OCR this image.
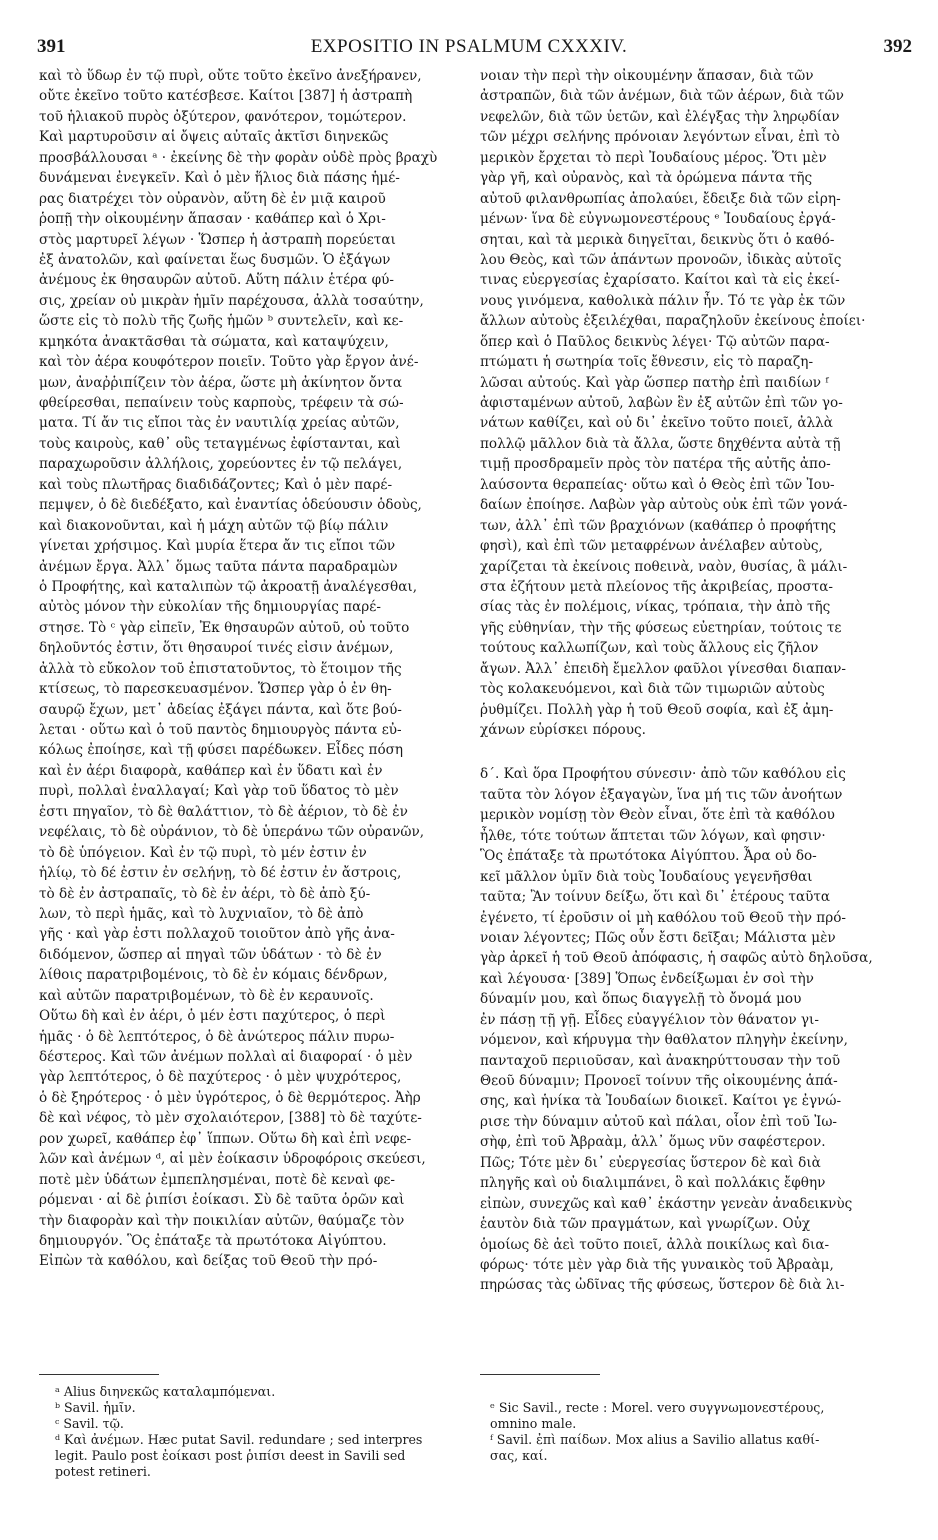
391	EXPOSITIO IN PSALMUM CXXXIV.	392
καὶ τὸ ὕδωρ ἐν τῷ πυρὶ, οὔτε τοῦτο ἐκεῖνο ἀνεξήρανεν,
οὔτε ἐκεῖνο τοῦτο κατέσβεσε. Καίτοι [387] ἡ ἀστραπὴ
τοῦ ἡλιακοῦ πυρὸς ὀξύτερον, φανότερον, τομώτερον.
Καὶ μαρτυροῦσιν αἱ ὄψεις αὐταῖς ἀκτῖσι διηνεκῶς
προσβάλλουσαι ᵃ · ἐκείνης δὲ τὴν φορὰν οὐδὲ πρὸς βραχὺ
δυνάμεναι ἐνεγκεῖν. Καὶ ὁ μὲν ἥλιος διὰ πάσης ἡμέ-
ρας διατρέχει τὸν οὐρανὸν, αὕτη δὲ ἐν μιᾷ καιροῦ
ῥοπῇ τὴν οἰκουμένην ἅπασαν · καθάπερ καὶ ὁ Χρι-
στὸς μαρτυρεῖ λέγων · Ὥσπερ ἡ ἀστραπὴ πορεύεται
ἐξ ἀνατολῶν, καὶ φαίνεται ἕως δυσμῶν. Ὁ ἐξάγων
ἀνέμους ἐκ θησαυρῶν αὐτοῦ. Αὕτη πάλιν ἑτέρα φύ-
σις, χρείαν οὐ μικρὰν ἡμῖν παρέχουσα, ἀλλὰ τοσαύτην,
ὥστε εἰς τὸ πολὺ τῆς ζωῆς ἡμῶν ᵇ συντελεῖν, καὶ κε-
κμηκότα ἀνακτᾶσθαι τὰ σώματα, καὶ καταψύχειν,
καὶ τὸν ἀέρα κουφότερον ποιεῖν. Τοῦτο γὰρ ἔργον ἀνέ-
μων, ἀναῤῥιπίζειν τὸν ἀέρα, ὥστε μὴ ἀκίνητον ὄντα
φθείρεσθαι, πεπαίνειν τοὺς καρποὺς, τρέφειν τὰ σώ-
ματα. Τί ἄν τις εἴποι τὰς ἐν ναυτιλίᾳ χρείας αὐτῶν,
τοὺς καιροὺς, καθ᾽ οὓς τεταγμένως ἐφίστανται, καὶ
παραχωροῦσιν ἀλλήλοις, χορεύοντες ἐν τῷ πελάγει,
καὶ τοὺς πλωτῆρας διαδιδάζοντες; Καὶ ὁ μὲν παρέ-
πεμψεν, ὁ δὲ διεδέξατο, καὶ ἐναντίας ὁδεύουσιν ὁδοὺς,
καὶ διακονοῦνται, καὶ ἡ μάχη αὐτῶν τῷ βίῳ πάλιν
γίνεται χρήσιμος. Καὶ μυρία ἕτερα ἄν τις εἴποι τῶν
ἀνέμων ἔργα. Ἀλλ᾽ ὅμως ταῦτα πάντα παραδραμὼν
ὁ Προφήτης, καὶ καταλιπὼν τῷ ἀκροατῇ ἀναλέγεσθαι,
αὐτὸς μόνον τὴν εὐκολίαν τῆς δημιουργίας παρέ-
στησε. Τὸ ᶜ γὰρ εἰπεῖν, Ἐκ θησαυρῶν αὐτοῦ, οὐ τοῦτο
δηλοῦντός ἐστιν, ὅτι θησαυροί τινές εἰσιν ἀνέμων,
ἀλλὰ τὸ εὔκολον τοῦ ἐπιστατοῦντος, τὸ ἕτοιμον τῆς
κτίσεως, τὸ παρεσκευασμένον. Ὥσπερ γὰρ ὁ ἐν θη-
σαυρῷ ἔχων, μετ᾽ ἀδείας ἐξάγει πάντα, καὶ ὅτε βού-
λεται · οὕτω καὶ ὁ τοῦ παντὸς δημιουργὸς πάντα εὐ-
κόλως ἐποίησε, καὶ τῇ φύσει παρέδωκεν. Εἶδες πόση
καὶ ἐν ἀέρι διαφορὰ, καθάπερ καὶ ἐν ὕδατι καὶ ἐν
πυρὶ, πολλαὶ ἐναλλαγαί; Καὶ γὰρ τοῦ ὕδατος τὸ μὲν
ἐστι πηγαῖον, τὸ δὲ θαλάττιον, τὸ δὲ ἀέριον, τὸ δὲ ἐν
νεφέλαις, τὸ δὲ οὐράνιον, τὸ δὲ ὑπεράνω τῶν οὐρανῶν,
τὸ δὲ ὑπόγειον. Καὶ ἐν τῷ πυρὶ, τὸ μέν ἐστιν ἐν
ἡλίῳ, τὸ δέ ἐστιν ἐν σελήνῃ, τὸ δέ ἐστιν ἐν ἄστροις,
τὸ δὲ ἐν ἀστραπαῖς, τὸ δὲ ἐν ἀέρι, τὸ δὲ ἀπὸ ξύ-
λων, τὸ περὶ ἡμᾶς, καὶ τὸ λυχνιαῖον, τὸ δὲ ἀπὸ
γῆς · καὶ γὰρ ἐστι πολλαχοῦ τοιοῦτον ἀπὸ γῆς ἀνα-
διδόμενον, ὥσπερ αἱ πηγαὶ τῶν ὑδάτων · τὸ δὲ ἐν
λίθοις παρατριβομένοις, τὸ δὲ ἐν κόμαις δένδρων,
καὶ αὐτῶν παρατριβομένων, τὸ δὲ ἐν κεραυνοῖς.
Οὕτω δὴ καὶ ἐν ἀέρι, ὁ μέν ἐστι παχύτερος, ὁ περὶ
ἡμᾶς · ὁ δὲ λεπτότερος, ὁ δὲ ἀνώτερος πάλιν πυρω-
δέστερος. Καὶ τῶν ἀνέμων πολλαὶ αἱ διαφοραί · ὁ μὲν
γὰρ λεπτότερος, ὁ δὲ παχύτερος · ὁ μὲν ψυχρότερος,
ὁ δὲ ξηρότερος · ὁ μὲν ὑγρότερος, ὁ δὲ θερμότερος. Ἀὴρ
δὲ καὶ νέφος, τὸ μὲν σχολαιότερον, [388] τὸ δὲ ταχύτε-
ρον χωρεῖ, καθάπερ ἐφ᾽ ἵππων. Οὕτω δὴ καὶ ἐπὶ νεφε-
λῶν καὶ ἀνέμων ᵈ, αἱ μὲν ἐοίκασιν ὑδροφόροις σκεύεσι,
ποτὲ μὲν ὑδάτων ἐμπεπλησμέναι, ποτὲ δὲ κεναὶ φε-
ρόμεναι · αἱ δὲ ῥιπίσι ἐοίκασι. Σὺ δὲ ταῦτα ὁρῶν καὶ
τὴν διαφορὰν καὶ τὴν ποικιλίαν αὐτῶν, θαύμαζε τὸν
δημιουργόν. Ὃς ἐπάταξε τὰ πρωτότοκα Αἰγύπτου.
Εἰπὼν τὰ καθόλου, καὶ δείξας τοῦ Θεοῦ τὴν πρό-
νοιαν τὴν περὶ τὴν οἰκουμένην ἅπασαν, διὰ τῶν
ἀστραπῶν, διὰ τῶν ἀνέμων, διὰ τῶν ἀέρων, διὰ τῶν
νεφελῶν, διὰ τῶν ὑετῶν, καὶ ἐλέγξας τὴν ληρῳδίαν
τῶν μέχρι σελήνης πρόνοιαν λεγόντων εἶναι, ἐπὶ τὸ
μερικὸν ἔρχεται τὸ περὶ Ἰουδαίους μέρος. Ὅτι μὲν
γὰρ γῆ, καὶ οὐρανὸς, καὶ τὰ ὁρώμενα πάντα τῆς
αὐτοῦ φιλανθρωπίας ἀπολαύει, ἔδειξε διὰ τῶν εἰρη-
μένων· ἵνα δὲ εὐγνωμονεστέρους ᵉ Ἰουδαίους ἐργά-
σηται, καὶ τὰ μερικὰ διηγεῖται, δεικνὺς ὅτι ὁ καθό-
λου Θεὸς, καὶ τῶν ἁπάντων προνοῶν, ἰδικὰς αὐτοῖς
τινας εὐεργεσίας ἐχαρίσατο. Καίτοι καὶ τὰ εἰς ἐκεί-
νους γινόμενα, καθολικὰ πάλιν ἦν. Τό τε γὰρ ἐκ τῶν
ἄλλων αὐτοὺς ἐξειλέχθαι, παραζηλοῦν ἐκείνους ἐποίει·
ὅπερ καὶ ὁ Παῦλος δεικνὺς λέγει· Τῷ αὐτῶν παρα-
πτώματι ἡ σωτηρία τοῖς ἔθνεσιν, εἰς τὸ παραζη-
λῶσαι αὐτούς. Καὶ γὰρ ὥσπερ πατὴρ ἐπὶ παιδίων ᶠ
ἀφισταμένων αὐτοῦ, λαβὼν ἓν ἐξ αὐτῶν ἐπὶ τῶν γο-
νάτων καθίζει, καὶ οὐ δι᾽ ἐκεῖνο τοῦτο ποιεῖ, ἀλλὰ
πολλῷ μᾶλλον διὰ τὰ ἄλλα, ὥστε δηχθέντα αὐτὰ τῇ
τιμῇ προσδραμεῖν πρὸς τὸν πατέρα τῆς αὐτῆς ἀπο-
λαύσοντα θεραπείας· οὕτω καὶ ὁ Θεὸς ἐπὶ τῶν Ἰου-
δαίων ἐποίησε. Λαβὼν γὰρ αὐτοὺς οὐκ ἐπὶ τῶν γονά-
των, ἀλλ᾽ ἐπὶ τῶν βραχιόνων (καθάπερ ὁ προφήτης
φησὶ), καὶ ἐπὶ τῶν μεταφρένων ἀνέλαβεν αὐτοὺς,
χαρίζεται τὰ ἐκείνοις ποθεινὰ, ναὸν, θυσίας, ἃ μάλι-
στα ἐζήτουν μετὰ πλείονος τῆς ἀκριβείας, προστα-
σίας τὰς ἐν πολέμοις, νίκας, τρόπαια, τὴν ἀπὸ τῆς
γῆς εὐθηνίαν, τὴν τῆς φύσεως εὐετηρίαν, τούτοις τε
τούτους καλλωπίζων, καὶ τοὺς ἄλλους εἰς ζῆλον
ἄγων. Ἀλλ᾽ ἐπειδὴ ἔμελλον φαῦλοι γίνεσθαι διαπαν-
τὸς κολακευόμενοι, καὶ διὰ τῶν τιμωριῶν αὐτοὺς
ῥυθμίζει. Πολλὴ γὰρ ἡ τοῦ Θεοῦ σοφία, καὶ ἐξ ἀμη-
χάνων εὑρίσκει πόρους.
δ´. Καὶ ὅρα Προφήτου σύνεσιν· ἀπὸ τῶν καθόλου εἰς
ταῦτα τὸν λόγον ἐξαγαγὼν, ἵνα μή τις τῶν ἀνοήτων
μερικὸν νομίσῃ τὸν Θεὸν εἶναι, ὅτε ἐπὶ τὰ καθόλου
ἦλθε, τότε τούτων ἅπτεται τῶν λόγων, καὶ φησιν·
Ὃς ἐπάταξε τὰ πρωτότοκα Αἰγύπτου. Ἆρα οὐ δο-
κεῖ μᾶλλον ὑμῖν διὰ τοὺς Ἰουδαίους γεγενῆσθαι
ταῦτα; Ἂν τοίνυν δείξω, ὅτι καὶ δι᾽ ἑτέρους ταῦτα
ἐγένετο, τί ἐροῦσιν οἱ μὴ καθόλου τοῦ Θεοῦ τὴν πρό-
νοιαν λέγοντες; Πῶς οὖν ἔστι δεῖξαι; Μάλιστα μὲν
γὰρ ἀρκεῖ ἡ τοῦ Θεοῦ ἀπόφασις, ἡ σαφῶς αὐτὸ δηλοῦσα,
καὶ λέγουσα· [389] Ὅπως ἐνδείξωμαι ἐν σοὶ τὴν
δύναμίν μου, καὶ ὅπως διαγγελῇ τὸ ὄνομά μου
ἐν πάσῃ τῇ γῇ. Εἶδες εὐαγγέλιον τὸν θάνατον γι-
νόμενον, καὶ κήρυγμα τὴν θαθλατον πληγὴν ἐκείνην,
πανταχοῦ περιιοῦσαν, καὶ ἀνακηρύττουσαν τὴν τοῦ
Θεοῦ δύναμιν; Προνοεῖ τοίνυν τῆς οἰκουμένης ἁπά-
σης, καὶ ἡνίκα τὰ Ἰουδαίων διοικεῖ. Καίτοι γε ἐγνώ-
ρισε τὴν δύναμιν αὐτοῦ καὶ πάλαι, οἷον ἐπὶ τοῦ Ἰω-
σὴφ, ἐπὶ τοῦ Ἀβραὰμ, ἀλλ᾽ ὅμως νῦν σαφέστερον.
Πῶς; Τότε μὲν δι᾽ εὐεργεσίας ὕστερον δὲ καὶ διὰ
πληγῆς καὶ οὐ διαλιμπάνει, ὃ καὶ πολλάκις ἔφθην
εἰπὼν, συνεχῶς καὶ καθ᾽ ἑκάστην γενεὰν ἀναδεικνὺς
ἑαυτὸν διὰ τῶν πραγμάτων, καὶ γνωρίζων. Οὐχ
ὁμοίως δὲ ἀεὶ τοῦτο ποιεῖ, ἀλλὰ ποικίλως καὶ δια-
φόρως· τότε μὲν γὰρ διὰ τῆς γυναικὸς τοῦ Ἀβραὰμ,
πηρώσας τὰς ὠδῖνας τῆς φύσεως, ὕστερον δὲ διὰ λι-
ᵃ Alius διηνεκῶς καταλαμπόμεναι.
ᵇ Savil. ἡμῖν.
ᶜ Savil. τῷ.
ᵈ Καὶ ἀνέμων. Hæc putat Savil. redundare ; sed interpres
legit. Paulo post ἐοίκασι post ῥιπίσι deest in Savili sed
potest retineri.
ᵉ Sic Savil., recte : Morel. vero συγγνωμονεστέρους,
omnino male.
ᶠ Savil. ἐπὶ παίδων. Mox alius a Savilio allatus καθί-
σας, καί.
